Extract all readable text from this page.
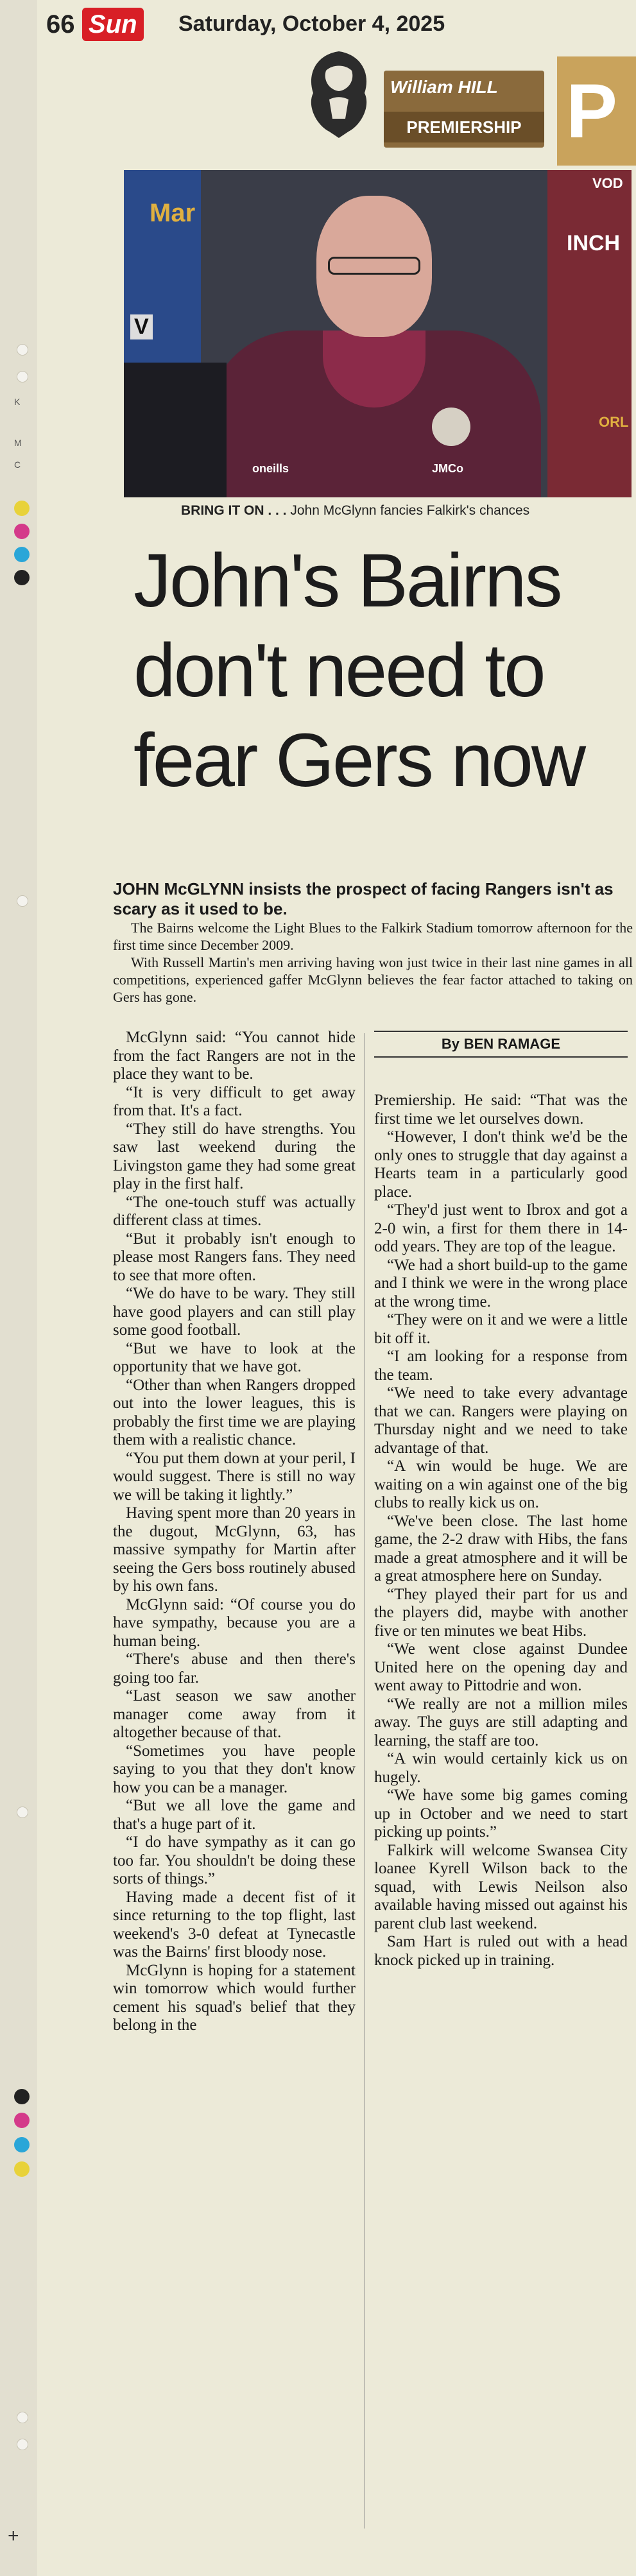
K
M
C
+
66 Sun Saturday, October 4, 2025
William HILL
PREMIERSHIP P
Mar
INCH
VOD
ORL
V
oneills	JMCo
BRING IT ON . . . John McGlynn fancies Falkirk's chances
John's Bairns
don't need to
fear Gers now
JOHN McGLYNN insists the prospect of facing Rangers isn't as scary as it used to be.

The Bairns welcome the Light Blues to the Falkirk Stadium tomorrow afternoon for the first time since December 2009.

With Russell Martin's men arriving having won just twice in their last nine games in all competitions, experienced gaffer McGlynn believes the fear factor attached to taking on Gers has gone.

By BEN RAMAGE

McGlynn said: “You cannot hide from the fact Rangers are not in the place they want to be.

“It is very difficult to get away from that. It's a fact.

“They still do have strengths. You saw last weekend during the Livingston game they had some great play in the first half.

“The one-touch stuff was actually different class at times.

“But it probably isn't enough to please most Rangers fans. They need to see that more often.

“We do have to be wary. They still have good players and can still play some good football.

“But we have to look at the opportunity that we have got.

“Other than when Rangers dropped out into the lower leagues, this is probably the first time we are playing them with a realistic chance.

“You put them down at your peril, I would suggest. There is still no way we will be taking it lightly.”

Having spent more than 20 years in the dugout, McGlynn, 63, has massive sympathy for Martin after seeing the Gers boss routinely abused by his own fans.

McGlynn said: “Of course you do have sympathy, because you are a human being.

“There's abuse and then there's going too far.

“Last season we saw another manager come away from it altogether because of that.

“Sometimes you have people saying to you that they don't know how you can be a manager.

“But we all love the game and that's a huge part of it.

“I do have sympathy as it can go too far. You shouldn't be doing these sorts of things.”

Having made a decent fist of it since returning to the top flight, last weekend's 3-0 defeat at Tynecastle was the Bairns' first bloody nose.

McGlynn is hoping for a statement win tomorrow which would further cement his squad's belief that they belong in the

Premiership. He said: “That was the first time we let ourselves down.

“However, I don't think we'd be the only ones to struggle that day against a Hearts team in a particularly good place.

“They'd just went to Ibrox and got a 2-0 win, a first for them there in 14-odd years. They are top of the league.

“We had a short build-up to the game and I think we were in the wrong place at the wrong time.

“They were on it and we were a little bit off it.

“I am looking for a response from the team.

“We need to take every advantage that we can. Rangers were playing on Thursday night and we need to take advantage of that.

“A win would be huge. We are waiting on a win against one of the big clubs to really kick us on.

“We've been close. The last home game, the 2-2 draw with Hibs, the fans made a great atmosphere and it will be a great atmosphere here on Sunday.

“They played their part for us and the players did, maybe with another five or ten minutes we beat Hibs.

“We went close against Dundee United here on the opening day and went away to Pittodrie and won.

“We really are not a million miles away. The guys are still adapting and learning, the staff are too.

“A win would certainly kick us on hugely.

“We have some big games coming up in October and we need to start picking up points.”

Falkirk will welcome Swansea City loanee Kyrell Wilson back to the squad, with Lewis Neilson also available having missed out against his parent club last weekend.

Sam Hart is ruled out with a head knock picked up in training.
